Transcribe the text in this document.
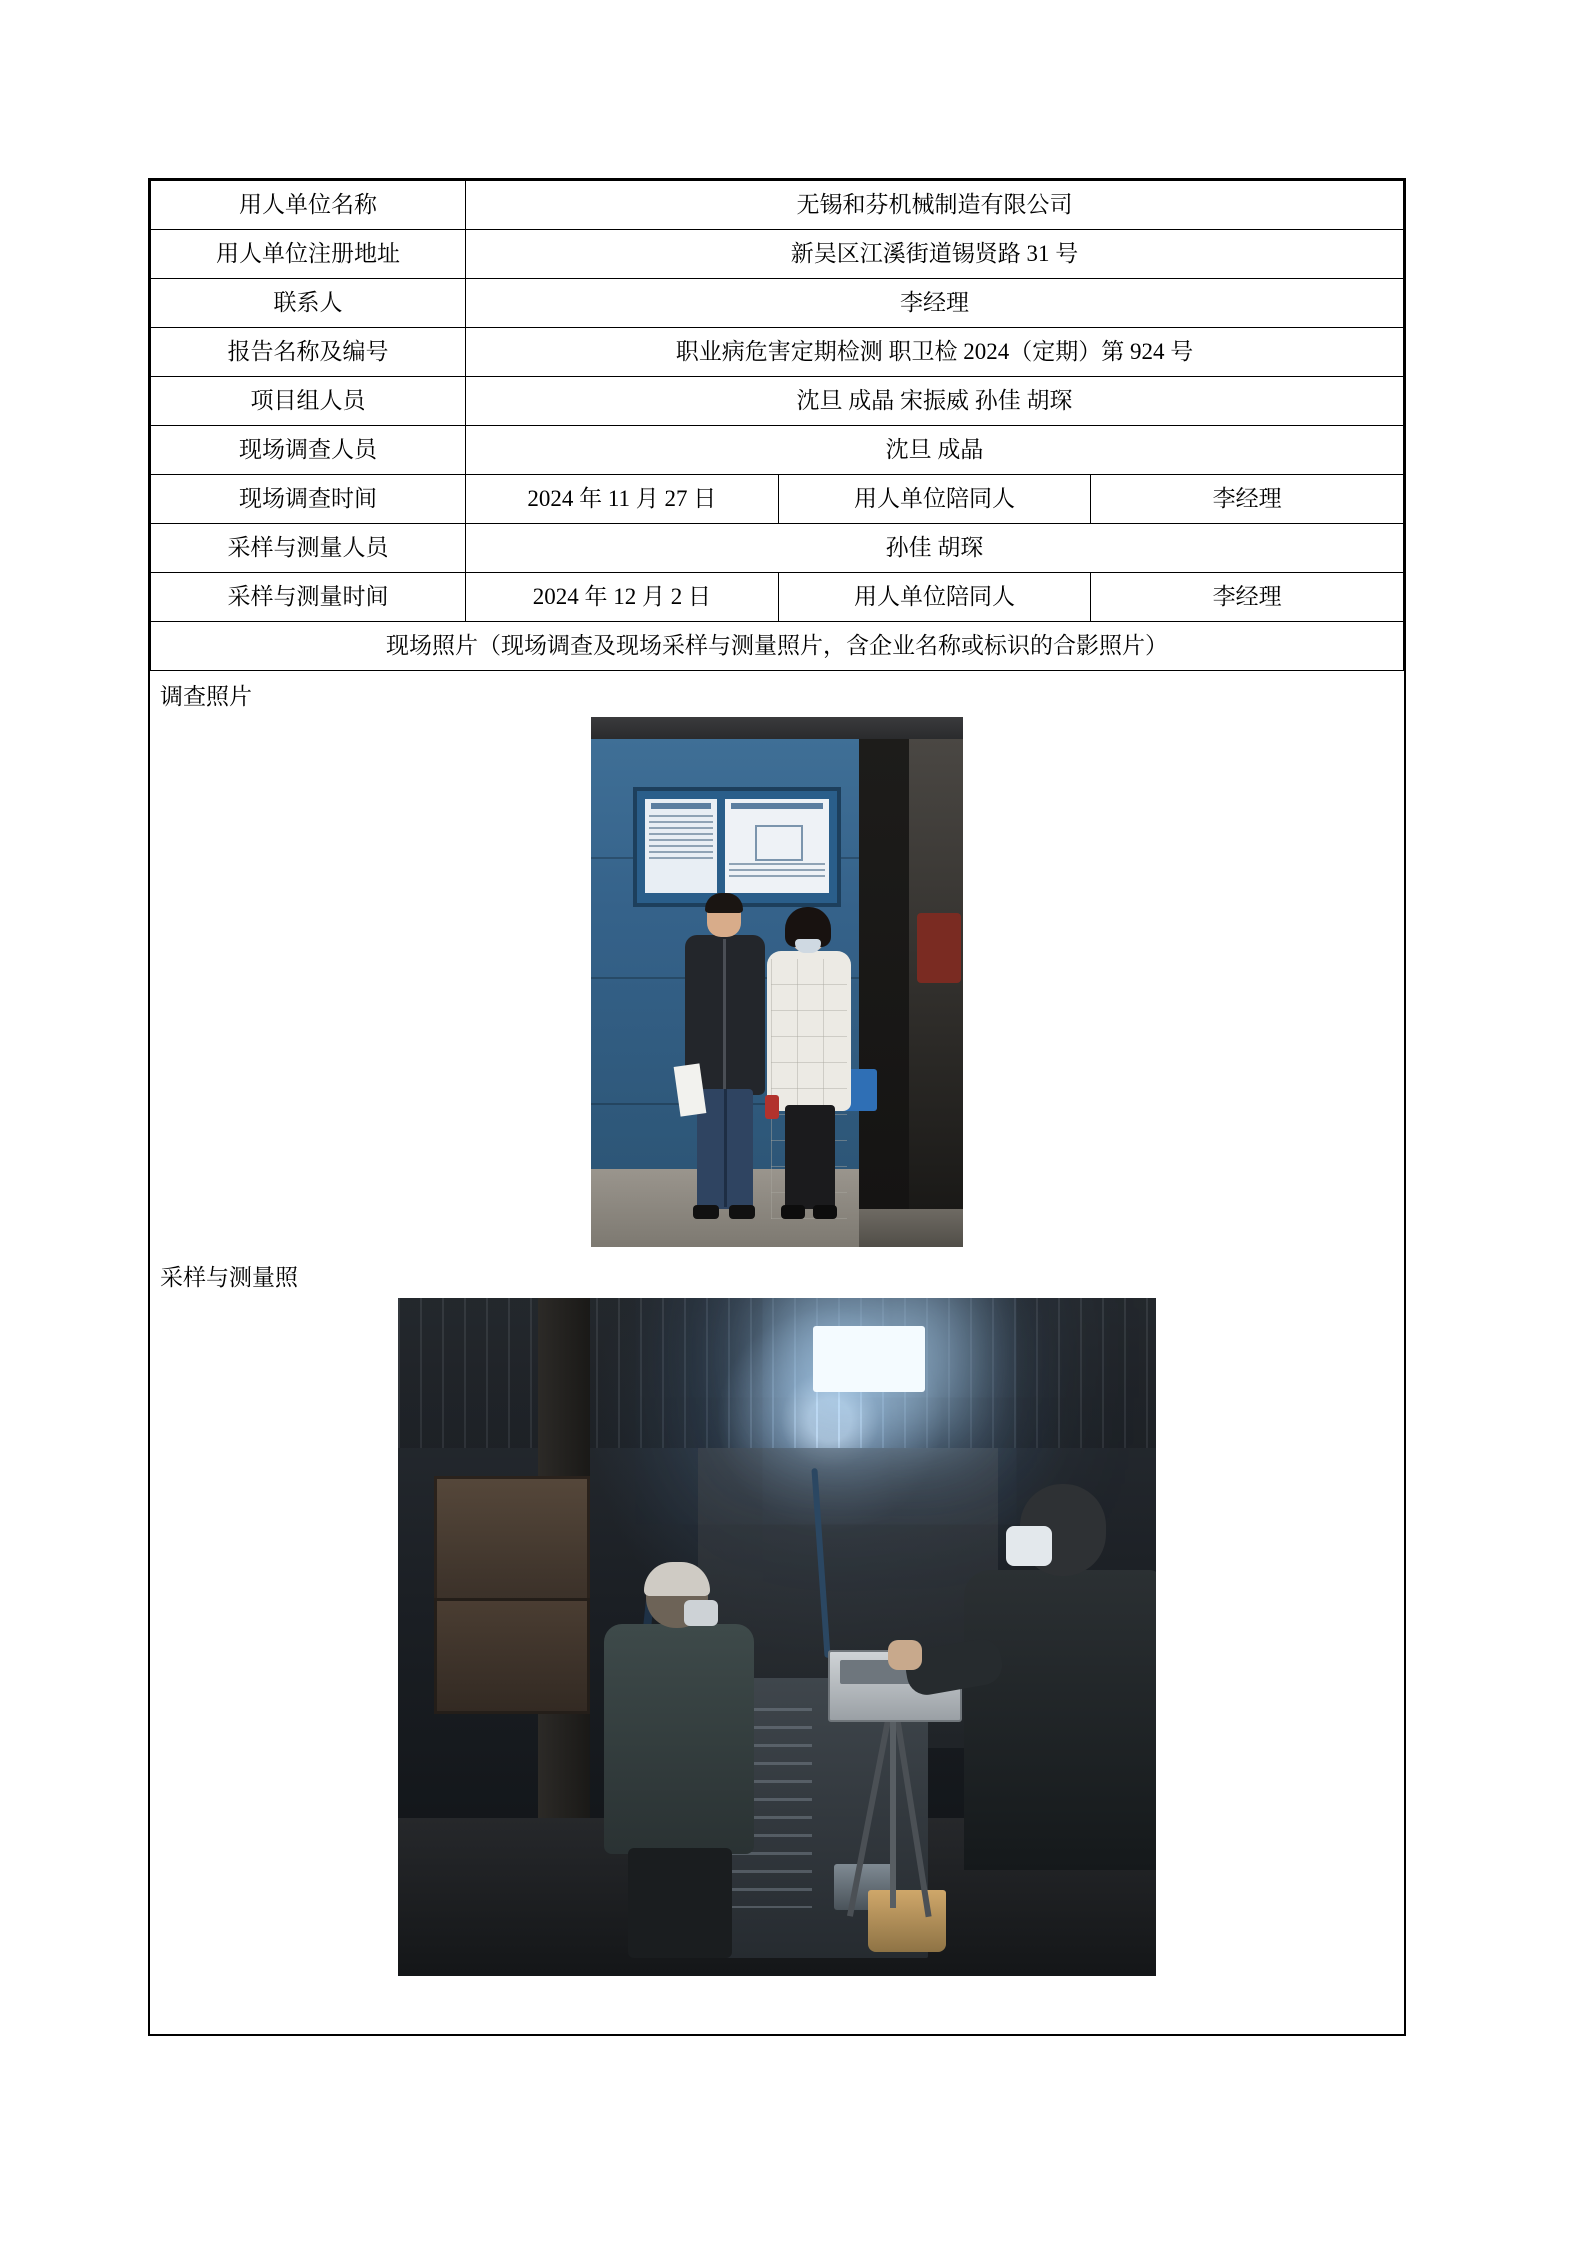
用人单位名称	无锡和芬机械制造有限公司		
用人单位注册地址	新吴区江溪街道锡贤路 31 号		
联系人	李经理		
报告名称及编号	职业病危害定期检测 职卫检 2024（定期）第 924 号		
项目组人员	沈旦 成晶 宋振威 孙佳 胡琛		
现场调查人员	沈旦 成晶		
现场调查时间	2024 年 11 月 27 日	用人单位陪同人	李经理
采样与测量人员	孙佳 胡琛		
采样与测量时间	2024 年 12 月 2 日	用人单位陪同人	李经理
现场照片（现场调查及现场采样与测量照片，含企业名称或标识的合影照片）			
调查照片
采样与测量照
